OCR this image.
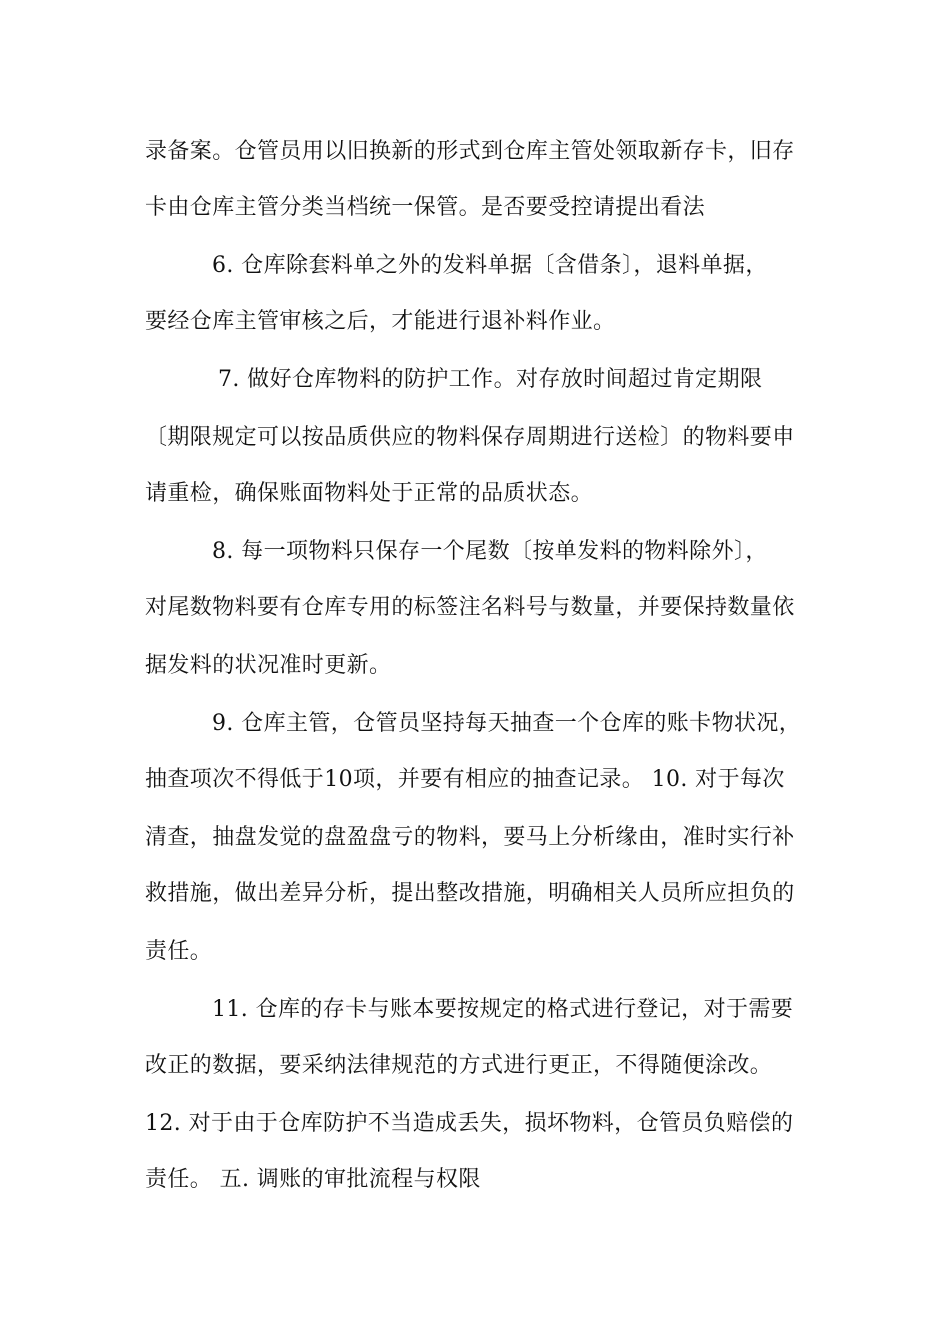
录备案。仓管员用以旧换新的形式到仓库主管处领取新存卡，旧存
卡由仓库主管分类当档统一保管。是否要受控请提出看法
6. 仓库除套料单之外的发料单据〔含借条〕，退料单据，
要经仓库主管审核之后，才能进行退补料作业。
7. 做好仓库物料的防护工作。对存放时间超过肯定期限
〔期限规定可以按品质供应的物料保存周期进行送检〕的物料要申
请重检，确保账面物料处于正常的品质状态。
8. 每一项物料只保存一个尾数〔按单发料的物料除外〕，
对尾数物料要有仓库专用的标签注名料号与数量，并要保持数量依
据发料的状况准时更新。
9. 仓库主管，仓管员坚持每天抽查一个仓库的账卡物状况，
抽查项次不得低于10项，并要有相应的抽查记录。 10. 对于每次
清查，抽盘发觉的盘盈盘亏的物料，要马上分析缘由，准时实行补
救措施，做出差异分析，提出整改措施，明确相关人员所应担负的
责任。
11. 仓库的存卡与账本要按规定的格式进行登记，对于需要
改正的数据，要采纳法律规范的方式进行更正，不得随便涂改。
12. 对于由于仓库防护不当造成丢失，损坏物料，仓管员负赔偿的
责任。 五. 调账的审批流程与权限
